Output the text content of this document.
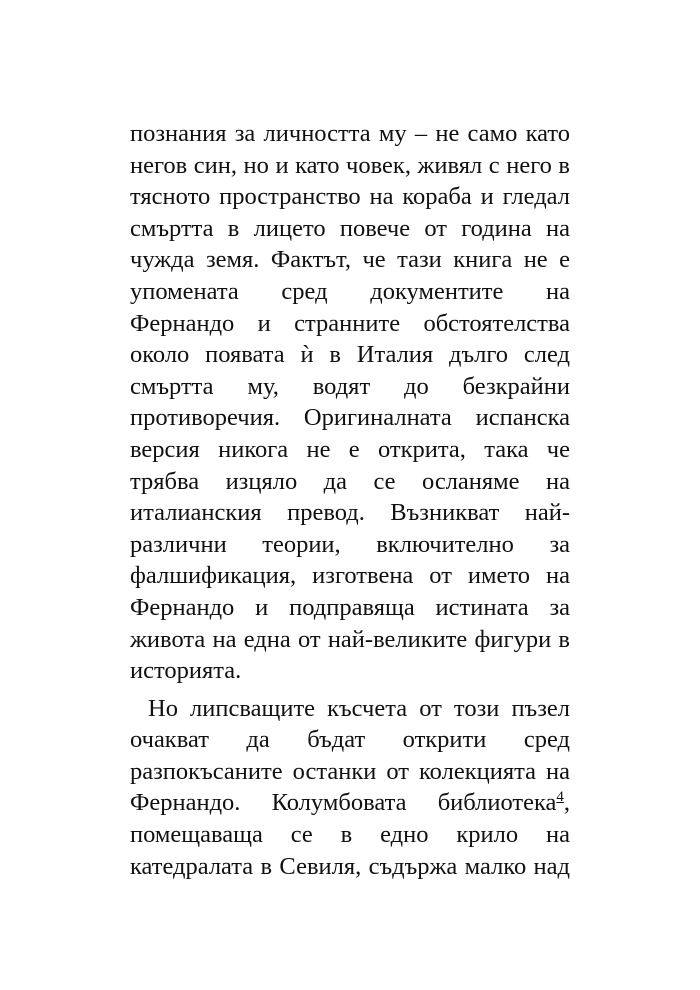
познания за личността му – не само като
негов син, но и като човек, живял с него в
тясното пространство на кораба и гледал
смъртта в лицето повече от година на
чужда земя. Фактът, че тази книга не е
упомената сред документите на
Фернандо и странните обстоятелства
около появата ѝ в Италия дълго след
смъртта му, водят до безкрайни
противоречия. Оригиналната испанска
версия никога не е открита, така че
трябва изцяло да се осланяме на
италианския превод. Възникват най-
различни теории, включително за
фалшификация, изготвена от името на
Фернандо и подправяща истината за
живота на една от най-великите фигури в
историята.
Но липсващите късчета от този пъзел
очакват да бъдат открити сред
разпокъсаните останки от колекцията на
Фернандо. Колумбовата библиотека$^4$,
помещаваща се в едно крило на
катедралата в Севиля, съдържа малко над
